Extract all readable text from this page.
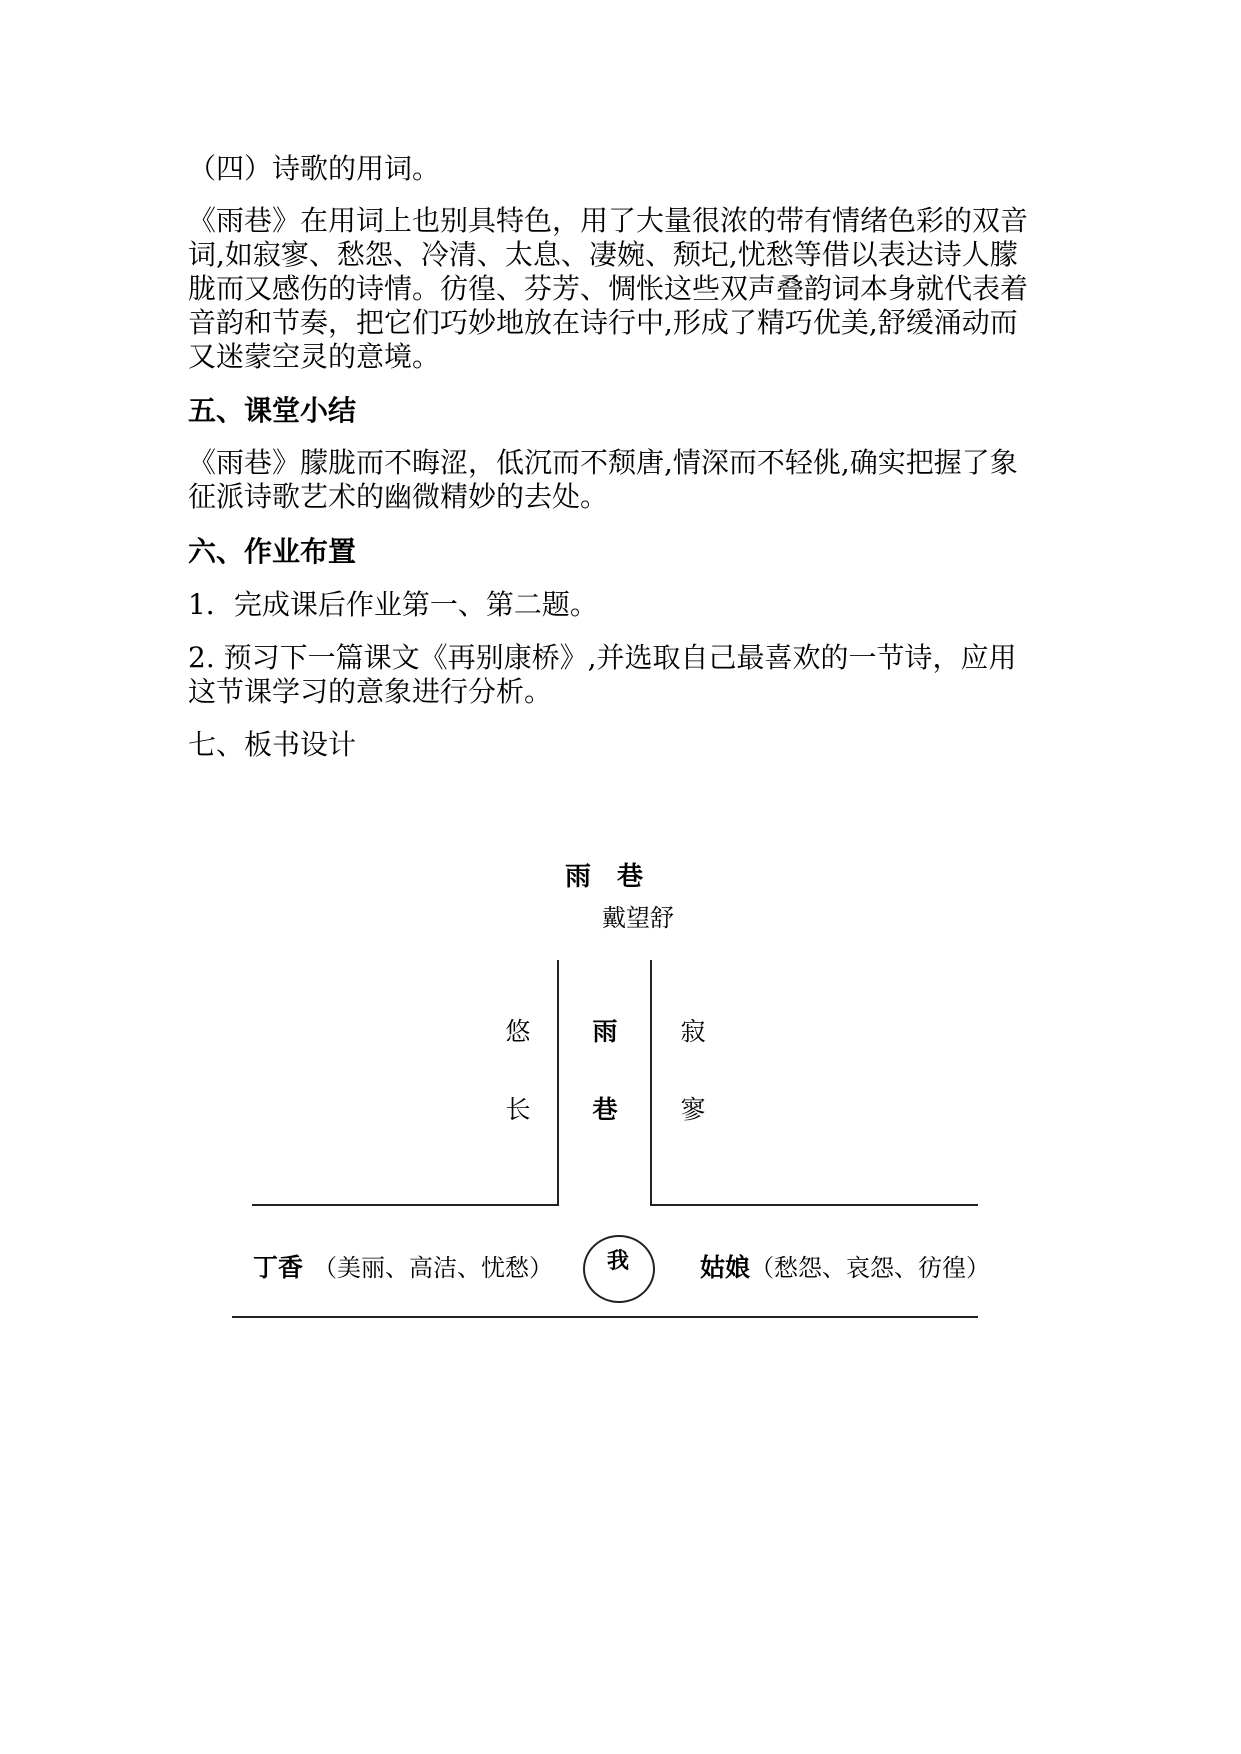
（四）诗歌的用词。

《雨巷》在用词上也别具特色，用了大量很浓的带有情绪色彩的双音
词,如寂寥、愁怨、冷清、太息、凄婉、颓圮,忧愁等借以表达诗人朦
胧而又感伤的诗情。彷徨、芬芳、惆怅这些双声叠韵词本身就代表着
音韵和节奏，把它们巧妙地放在诗行中,形成了精巧优美,舒缓涌动而
又迷蒙空灵的意境。
五、课堂小结
《雨巷》朦胧而不晦涩，低沉而不颓唐,情深而不轻佻,确实把握了象
征派诗歌艺术的幽微精妙的去处。
六、作业布置
1．完成课后作业第一、第二题。
2. 预习下一篇课文《再别康桥》,并选取自己最喜欢的一节诗，应用
这节课学习的意象进行分析。
七、板书设计
雨　巷
戴望舒
悠
长
雨
巷
寂
寥
丁香 （美丽、高洁、忧愁）	我	姑娘（愁怨、哀怨、彷徨）
